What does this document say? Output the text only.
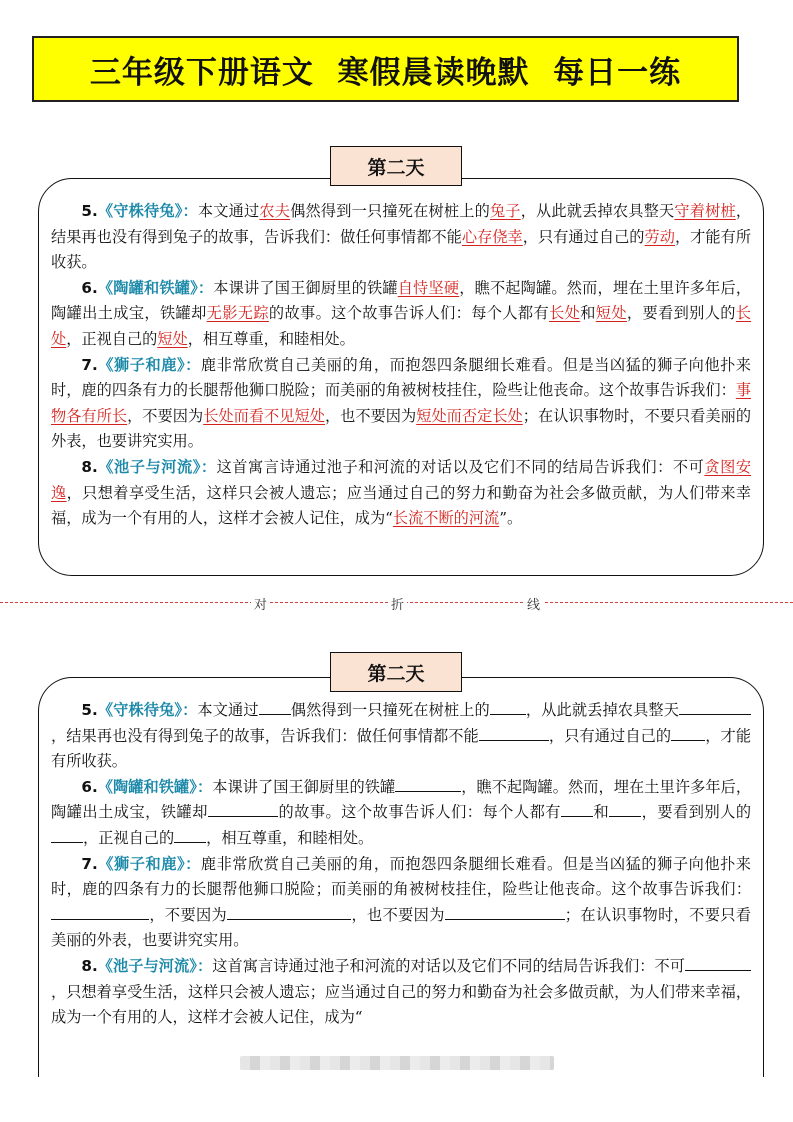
三年级下册语文  寒假晨读晚默  每日一练
第二天

5.《守株待兔》：本文通过农夫偶然得到一只撞死在树桩上的兔子，从此就丢掉农具整天守着树桩，结果再也没有得到兔子的故事，告诉我们：做任何事情都不能心存侥幸，只有通过自己的劳动，才能有所收获。

6.《陶罐和铁罐》：本课讲了国王御厨里的铁罐自恃坚硬，瞧不起陶罐。然而，埋在土里许多年后，陶罐出土成宝，铁罐却无影无踪的故事。这个故事告诉人们：每个人都有长处和短处，要看到别人的长处，正视自己的短处，相互尊重，和睦相处。

7.《狮子和鹿》：鹿非常欣赏自己美丽的角，而抱怨四条腿细长难看。但是当凶猛的狮子向他扑来时，鹿的四条有力的长腿帮他狮口脱险；而美丽的角被树枝挂住，险些让他丧命。这个故事告诉我们：事物各有所长，不要因为长处而看不见短处，也不要因为短处而否定长处；在认识事物时，不要只看美丽的外表，也要讲究实用。

8.《池子与河流》：这首寓言诗通过池子和河流的对话以及它们不同的结局告诉我们：不可贪图安逸，只想着享受生活，这样只会被人遗忘；应当通过自己的努力和勤奋为社会多做贡献，为人们带来幸福，成为一个有用的人，这样才会被人记住，成为“长流不断的河流”。

对	折	线
第二天

5.《守株待兔》：本文通过 偶然得到一只撞死在树桩上的 ，从此就丢掉农具整天，结果再也没有得到兔子的故事，告诉我们：做任何事情都不能	，只有通过自己的 ，才能有所收获。

6.《陶罐和铁罐》：本课讲了国王御厨里的铁罐	，瞧不起陶罐。然而，埋在土里许多年后，陶罐出土成宝，铁罐却	的故事。这个故事告诉人们：每个人都有 和 ，要看到别人的，正视自己的 ，相互尊重，和睦相处。

7.《狮子和鹿》：鹿非常欣赏自己美丽的角，而抱怨四条腿细长难看。但是当凶猛的狮子向他扑来时，鹿的四条有力的长腿帮他狮口脱险；而美丽的角被树枝挂住，险些让他丧命。这个故事告诉我们：，不要因为	，也不要因为	；在认识事物时，不要只看美丽的外表，也要讲究实用。

8.《池子与河流》：这首寓言诗通过池子和河流的对话以及它们不同的结局告诉我们：不可，只想着享受生活，这样只会被人遗忘；应当通过自己的努力和勤奋为社会多做贡献，为人们带来幸福，成为一个有用的人，这样才会被人记住，成为“
